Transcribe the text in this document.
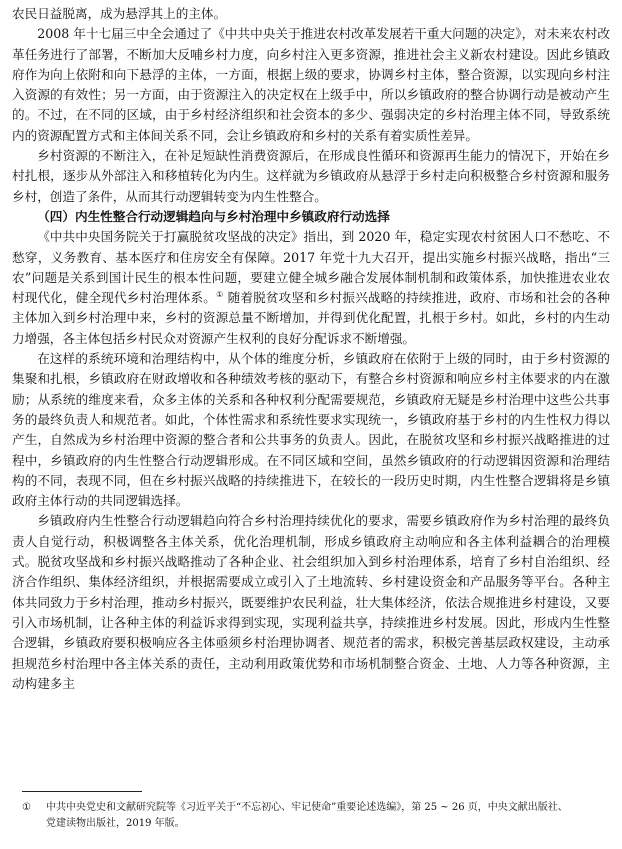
农民日益脱离，成为悬浮其上的主体。

2008 年十七届三中全会通过了《中共中央关于推进农村改革发展若干重大问题的决定》，对未来农村改革任务进行了部署，不断加大反哺乡村力度，向乡村注入更多资源，推进社会主义新农村建设。因此乡镇政府作为向上依附和向下悬浮的主体，一方面，根据上级的要求，协调乡村主体，整合资源，以实现向乡村注入资源的有效性；另一方面，由于资源注入的决定权在上级手中，所以乡镇政府的整合协调行动是被动产生的。不过，在不同的区域，由于乡村经济组织和社会资本的多少、强弱决定的乡村治理主体不同，导致系统内的资源配置方式和主体间关系不同，会让乡镇政府和乡村的关系有着实质性差异。

乡村资源的不断注入，在补足短缺性消费资源后，在形成良性循环和资源再生能力的情况下，开始在乡村扎根，逐步从外部注入和移植转化为内生。这样就为乡镇政府从悬浮于乡村走向积极整合乡村资源和服务乡村，创造了条件，从而其行动逻辑转变为内生性整合。

（四）内生性整合行动逻辑趋向与乡村治理中乡镇政府行动选择

《中共中央国务院关于打赢脱贫攻坚战的决定》指出，到 2020 年，稳定实现农村贫困人口不愁吃、不愁穿，义务教育、基本医疗和住房安全有保障。2017 年党十九大召开，提出实施乡村振兴战略，指出“三农”问题是关系到国计民生的根本性问题，要建立健全城乡融合发展体制机制和政策体系，加快推进农业农村现代化，健全现代乡村治理体系。① 随着脱贫攻坚和乡村振兴战略的持续推进，政府、市场和社会的各种主体加入到乡村治理中来，乡村的资源总量不断增加，并得到优化配置，扎根于乡村。如此，乡村的内生动力增强，各主体包括乡村民众对资源产生权利的良好分配诉求不断增强。

在这样的系统环境和治理结构中，从个体的维度分析，乡镇政府在依附于上级的同时，由于乡村资源的集聚和扎根，乡镇政府在财政增收和各种绩效考核的驱动下，有整合乡村资源和响应乡村主体要求的内在激励；从系统的维度来看，众多主体的关系和各种权利分配需要规范，乡镇政府无疑是乡村治理中这些公共事务的最终负责人和规范者。如此，个体性需求和系统性要求实现统一，乡镇政府基于乡村的内生性权力得以产生，自然成为乡村治理中资源的整合者和公共事务的负责人。因此，在脱贫攻坚和乡村振兴战略推进的过程中，乡镇政府的内生性整合行动逻辑形成。在不同区域和空间，虽然乡镇政府的行动逻辑因资源和治理结构的不同，表现不同，但在乡村振兴战略的持续推进下，在较长的一段历史时期，内生性整合逻辑将是乡镇政府主体行动的共同逻辑选择。

乡镇政府内生性整合行动逻辑趋向符合乡村治理持续优化的要求，需要乡镇政府作为乡村治理的最终负责人自觉行动，积极调整各主体关系，优化治理机制，形成乡镇政府主动响应和各主体利益耦合的治理模式。脱贫攻坚战和乡村振兴战略推动了各种企业、社会组织加入到乡村治理体系，培育了乡村自治组织、经济合作组织、集体经济组织，并根据需要成立或引入了土地流转、乡村建设资金和产品服务等平台。各种主体共同致力于乡村治理，推动乡村振兴，既要维护农民利益，壮大集体经济，依法合规推进乡村建设，又要引入市场机制，让各种主体的利益诉求得到实现，实现利益共享，持续推进乡村发展。因此，形成内生性整合逻辑，乡镇政府要积极响应各主体亟须乡村治理协调者、规范者的需求，积极完善基层政权建设，主动承担规范乡村治理中各主体关系的责任，主动利用政策优势和市场机制整合资金、土地、人力等各种资源，主动构建多主

① 中共中央党史和文献研究院等《习近平关于“不忘初心、牢记使命”重要论述选编》，第 25 ~ 26 页，中央文献出版社、
党建读物出版社，2019 年版。
